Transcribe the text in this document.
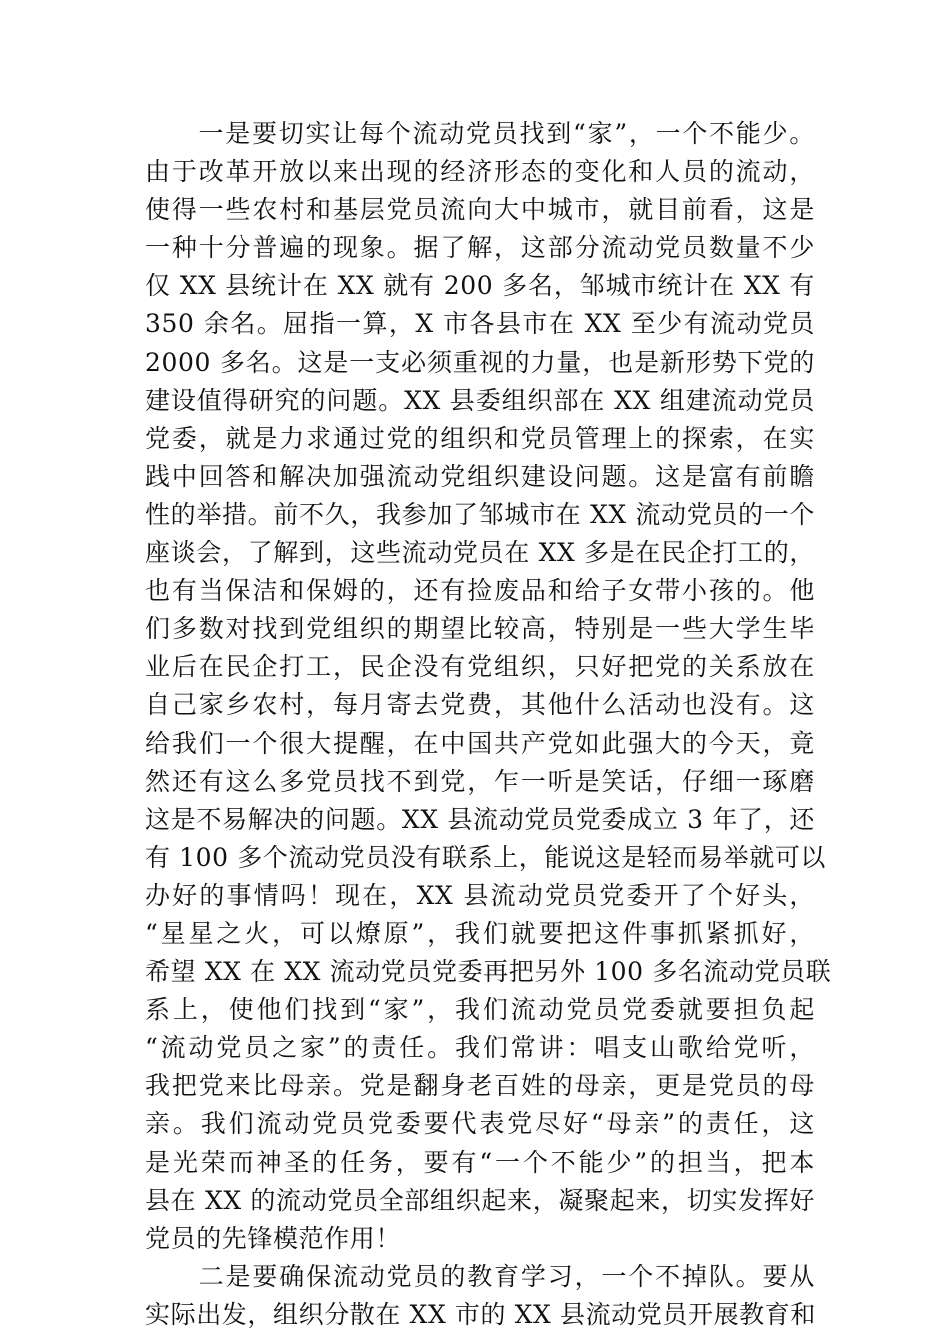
　　一是要切实让每个流动党员找到“家”，一个不能少。
由于改革开放以来出现的经济形态的变化和人员的流动，
使得一些农村和基层党员流向大中城市，就目前看，这是
一种十分普遍的现象。据了解，这部分流动党员数量不少
仅 XX 县统计在 XX 就有 200 多名，邹城市统计在 XX 有
350 余名。屈指一算，X 市各县市在 XX 至少有流动党员
2000 多名。这是一支必须重视的力量，也是新形势下党的
建设值得研究的问题。XX 县委组织部在 XX 组建流动党员
党委，就是力求通过党的组织和党员管理上的探索，在实
践中回答和解决加强流动党组织建设问题。这是富有前瞻
性的举措。前不久，我参加了邹城市在 XX 流动党员的一个
座谈会，了解到，这些流动党员在 XX 多是在民企打工的，
也有当保洁和保姆的，还有捡废品和给子女带小孩的。他
们多数对找到党组织的期望比较高，特别是一些大学生毕
业后在民企打工，民企没有党组织，只好把党的关系放在
自己家乡农村，每月寄去党费，其他什么活动也没有。这
给我们一个很大提醒，在中国共产党如此强大的今天，竟
然还有这么多党员找不到党，乍一听是笑话，仔细一琢磨
这是不易解决的问题。XX 县流动党员党委成立 3 年了，还
有 100 多个流动党员没有联系上，能说这是轻而易举就可以
办好的事情吗！现在，XX 县流动党员党委开了个好头，
“星星之火，可以燎原”，我们就要把这件事抓紧抓好，
希望 XX 在 XX 流动党员党委再把另外 100 多名流动党员联
系上，使他们找到“家”，我们流动党员党委就要担负起
“流动党员之家”的责任。我们常讲：唱支山歌给党听，
我把党来比母亲。党是翻身老百姓的母亲，更是党员的母
亲。我们流动党员党委要代表党尽好“母亲”的责任，这
是光荣而神圣的任务，要有“一个不能少”的担当，把本
县在 XX 的流动党员全部组织起来，凝聚起来，切实发挥好
党员的先锋模范作用！
　　二是要确保流动党员的教育学习，一个不掉队。要从
实际出发，组织分散在 XX 市的 XX 县流动党员开展教育和
